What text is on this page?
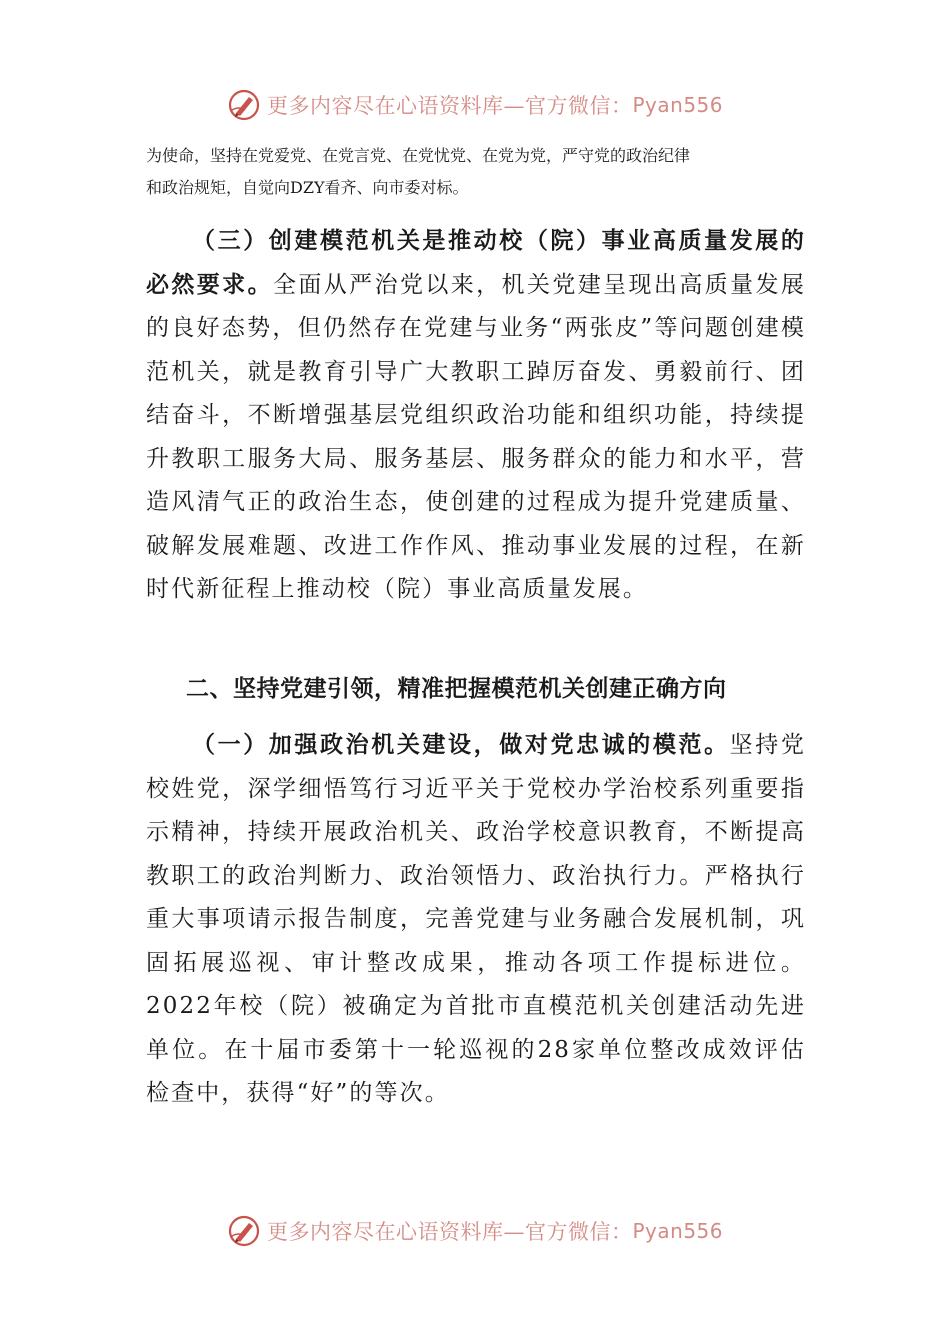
更多内容尽在心语资料库—官方微信： Pyan556
为使命，坚持在党爱党、在党言党、在党忧党、在党为党，严守党的政治纪律
和政治规矩，自觉向DZY看齐、向市委对标。

（三）创建模范机关是推动校（院）事业高质量发展的必然要求。全面从严治党以来，机关党建呈现出高质量发展的良好态势，但仍然存在党建与业务“两张皮”等问题创建模范机关，就是教育引导广大教职工踔厉奋发、勇毅前行、团结奋斗，不断增强基层党组织政治功能和组织功能，持续提升教职工服务大局、服务基层、服务群众的能力和水平，营造风清气正的政治生态，使创建的过程成为提升党建质量、破解发展难题、改进工作作风、推动事业发展的过程，在新时代新征程上推动校（院）事业高质量发展。

二、坚持党建引领，精准把握模范机关创建正确方向

（一）加强政治机关建设，做对党忠诚的模范。坚持党校姓党，深学细悟笃行习近平关于党校办学治校系列重要指示精神，持续开展政治机关、政治学校意识教育，不断提高教职工的政治判断力、政治领悟力、政治执行力。严格执行重大事项请示报告制度，完善党建与业务融合发展机制，巩固拓展巡视、审计整改成果，推动各项工作提标进位。2022年校（院）被确定为首批市直模范机关创建活动先进单位。在十届市委第十一轮巡视的28家单位整改成效评估检查中，获得“好”的等次。

更多内容尽在心语资料库—官方微信： Pyan556
